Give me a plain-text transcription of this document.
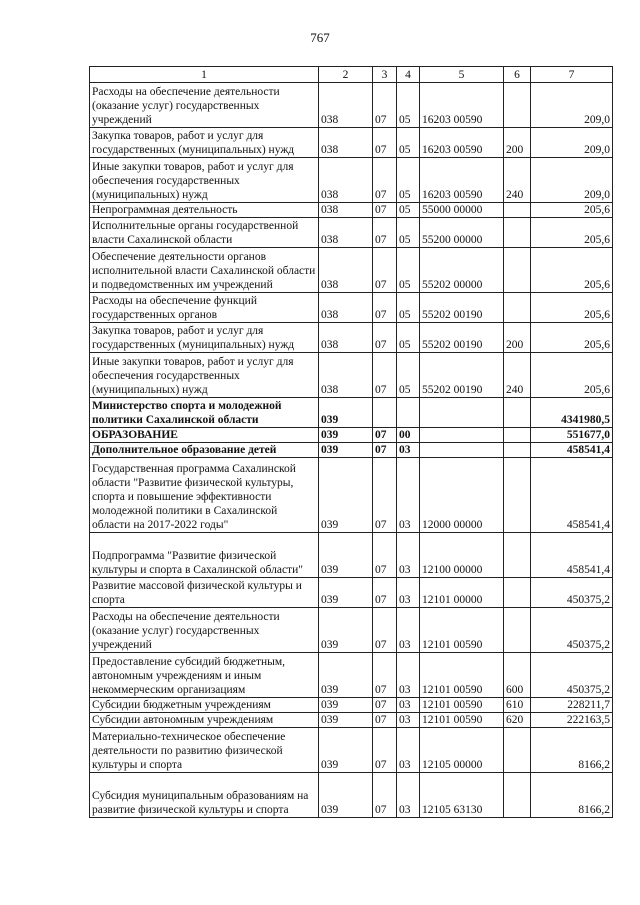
767
1	2	3	4	5	6	7
Расходы на обеспечение деятельности (оказание услуг) государственных учреждений	038	07	05	16203 00590		209,0
Закупка товаров, работ и услуг для государственных (муниципальных) нужд	038	07	05	16203 00590	200	209,0
Иные закупки товаров, работ и услуг для обеспечения государственных (муниципальных) нужд	038	07	05	16203 00590	240	209,0
Непрограммная деятельность	038	07	05	55000 00000		205,6
Исполнительные органы государственной власти Сахалинской области	038	07	05	55200 00000		205,6
Обеспечение деятельности органов исполнительной власти Сахалинской области и подведомственных им учреждений	038	07	05	55202 00000		205,6
Расходы на обеспечение функций государственных органов	038	07	05	55202 00190		205,6
Закупка товаров, работ и услуг для государственных (муниципальных) нужд	038	07	05	55202 00190	200	205,6
Иные закупки товаров, работ и услуг для обеспечения государственных (муниципальных) нужд	038	07	05	55202 00190	240	205,6
Министерство спорта и молодежной политики Сахалинской области	039					4341980,5
ОБРАЗОВАНИЕ	039	07	00			551677,0
Дополнительное образование детей	039	07	03			458541,4
Государственная программа Сахалинской области "Развитие физической культуры, спорта и повышение эффективности молодежной политики в Сахалинской области на 2017-2022 годы"	039	07	03	12000 00000		458541,4
Подпрограмма "Развитие физической культуры и спорта в Сахалинской области"	039	07	03	12100 00000		458541,4
Развитие массовой физической культуры и спорта	039	07	03	12101 00000		450375,2
Расходы на обеспечение деятельности (оказание услуг) государственных учреждений	039	07	03	12101 00590		450375,2
Предоставление субсидий бюджетным, автономным учреждениям и иным некоммерческим организациям	039	07	03	12101 00590	600	450375,2
Субсидии бюджетным учреждениям	039	07	03	12101 00590	610	228211,7
Субсидии автономным учреждениям	039	07	03	12101 00590	620	222163,5
Материально-техническое обеспечение деятельности по развитию физической культуры и спорта	039	07	03	12105 00000		8166,2
Субсидия муниципальным образованиям на развитие физической культуры и спорта	039	07	03	12105 63130		8166,2
